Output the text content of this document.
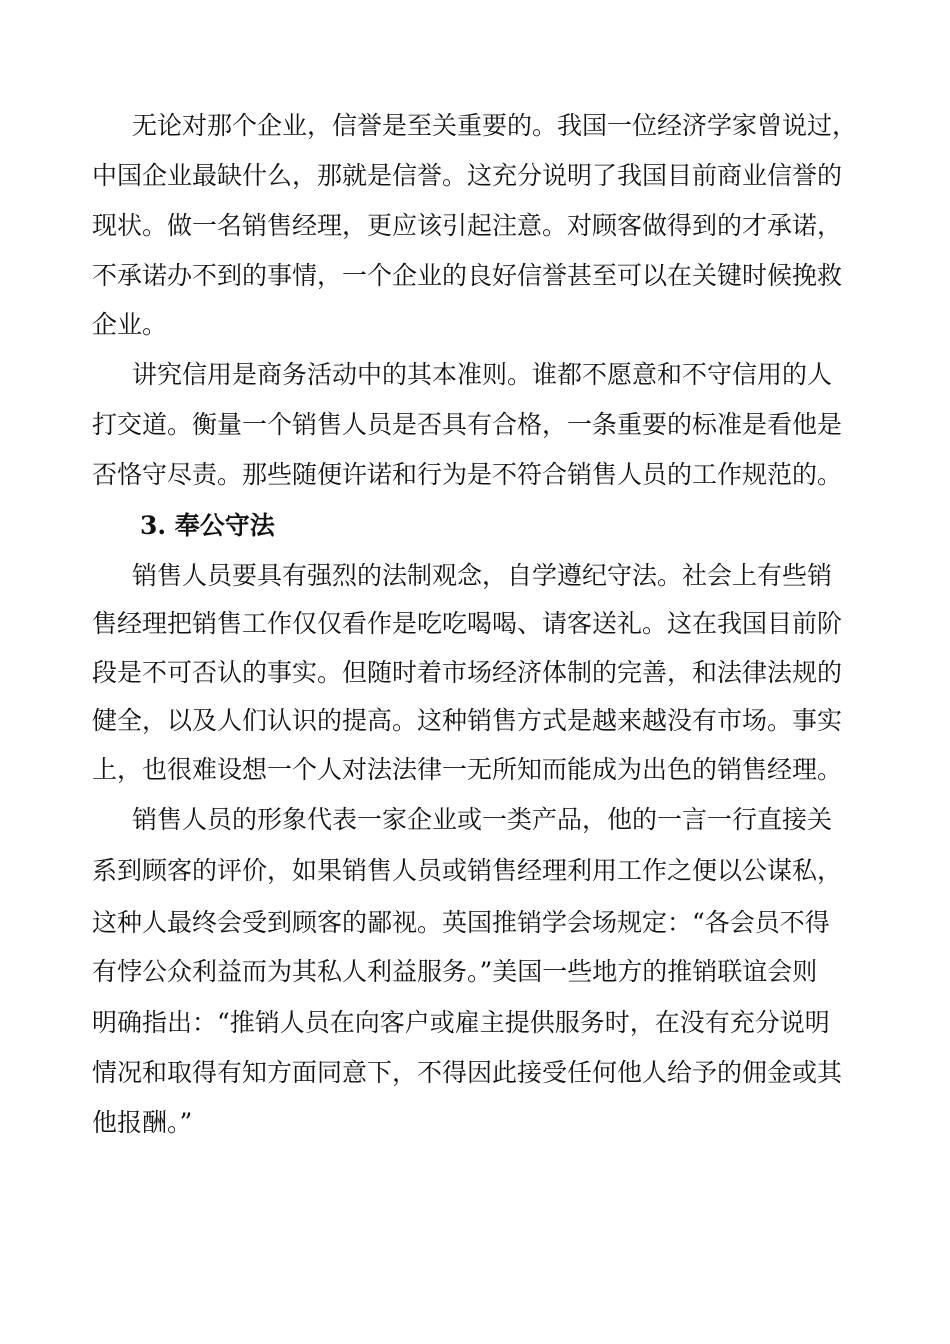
无论对那个企业，信誉是至关重要的。我国一位经济学家曾说过，
中国企业最缺什么，那就是信誉。这充分说明了我国目前商业信誉的
现状。做一名销售经理，更应该引起注意。对顾客做得到的才承诺，
不承诺办不到的事情，一个企业的良好信誉甚至可以在关键时候挽救
企业。
讲究信用是商务活动中的其本准则。谁都不愿意和不守信用的人
打交道。衡量一个销售人员是否具有合格，一条重要的标准是看他是
否恪守尽责。那些随便许诺和行为是不符合销售人员的工作规范的。
3. 奉公守法
销售人员要具有强烈的法制观念，自学遵纪守法。社会上有些销
售经理把销售工作仅仅看作是吃吃喝喝、请客送礼。这在我国目前阶
段是不可否认的事实。但随时着市场经济体制的完善，和法律法规的
健全，以及人们认识的提高。这种销售方式是越来越没有市场。事实
上，也很难设想一个人对法法律一无所知而能成为出色的销售经理。
销售人员的形象代表一家企业或一类产品，他的一言一行直接关
系到顾客的评价，如果销售人员或销售经理利用工作之便以公谋私，
这种人最终会受到顾客的鄙视。英国推销学会场规定：“各会员不得
有悖公众利益而为其私人利益服务。”美国一些地方的推销联谊会则
明确指出：“推销人员在向客户或雇主提供服务时，在没有充分说明
情况和取得有知方面同意下，不得因此接受任何他人给予的佣金或其
他报酬。”
